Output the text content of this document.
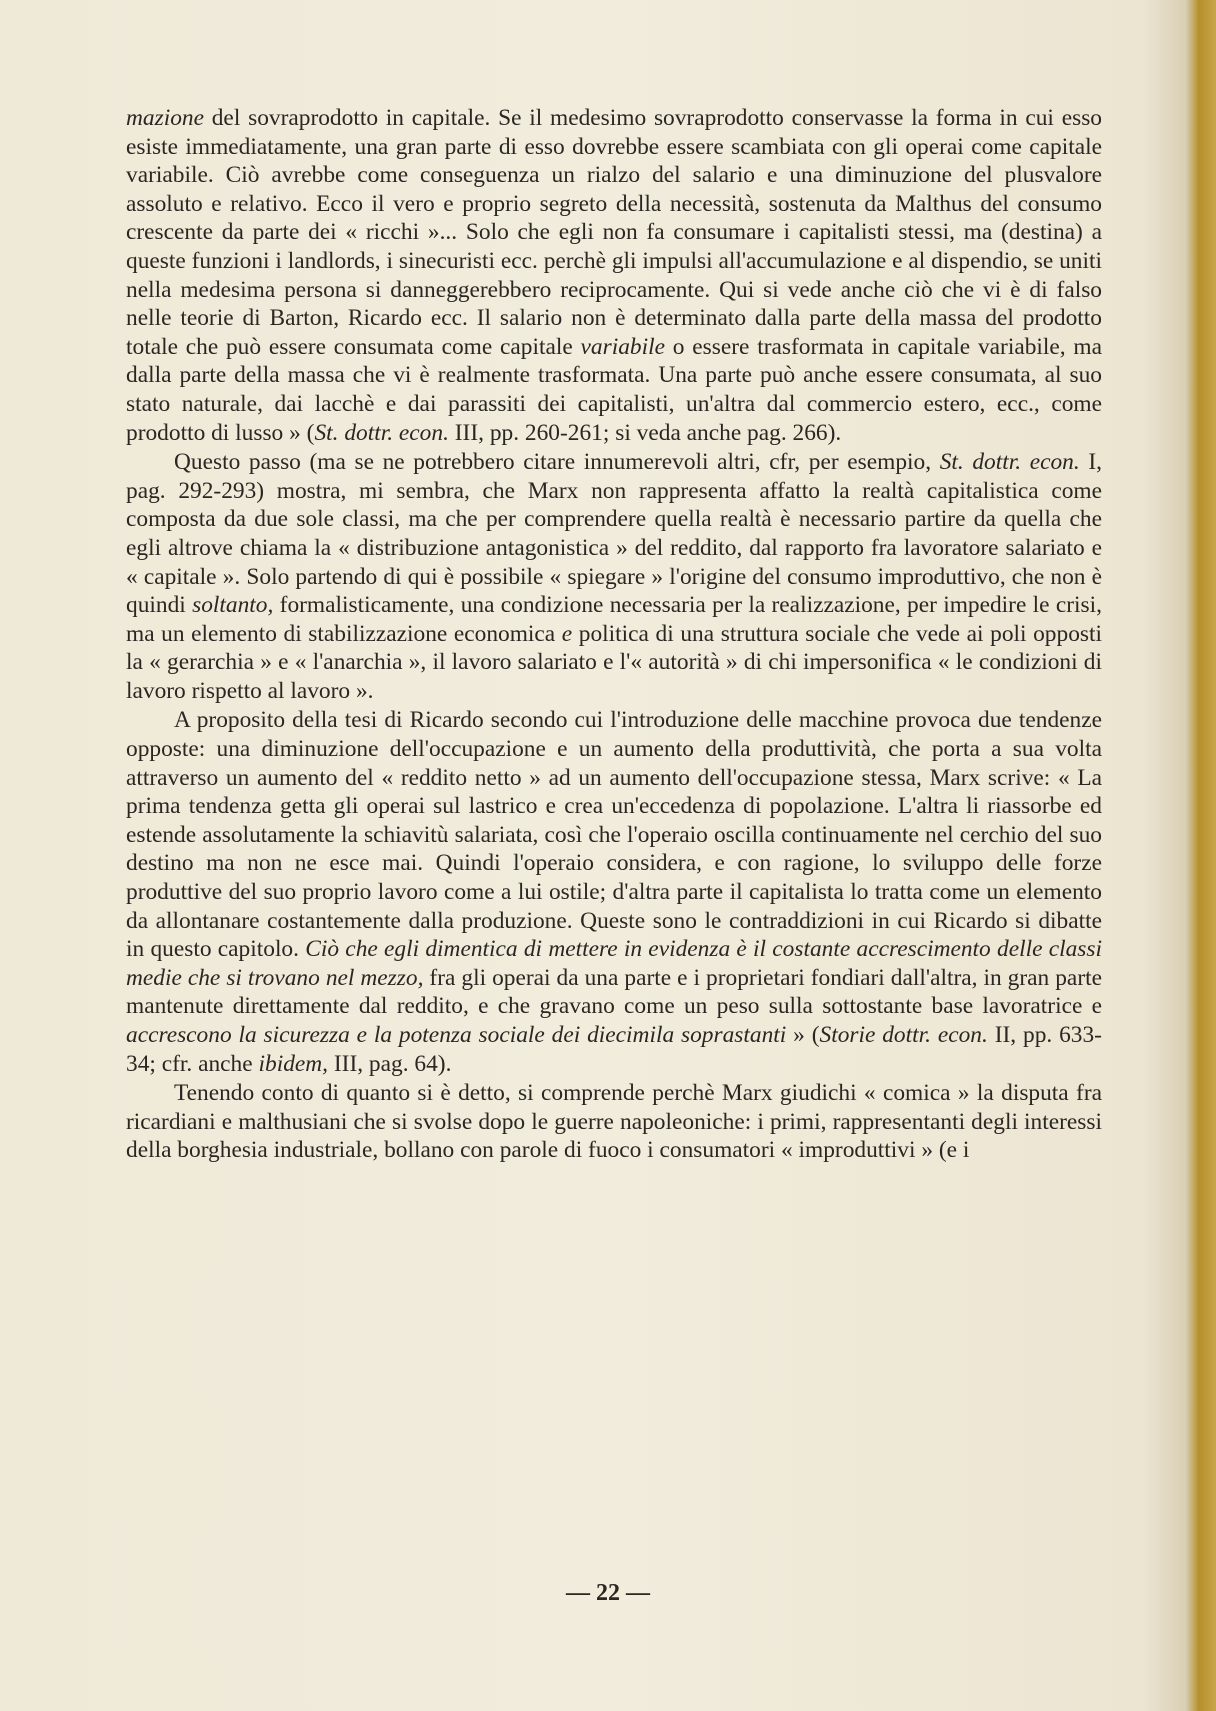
mazione del sovraprodotto in capitale. Se il medesimo sovraprodotto conservasse la forma in cui esso esiste immediatamente, una gran parte di esso dovrebbe essere scambiata con gli operai come capitale variabile. Ciò avrebbe come conseguenza un rialzo del salario e una diminuzione del plusvalore assoluto e relativo. Ecco il vero e proprio segreto della necessità, sostenuta da Malthus del consumo crescente da parte dei « ricchi »... Solo che egli non fa consumare i capitalisti stessi, ma (destina) a queste funzioni i landlords, i sinecuristi ecc. perchè gli impulsi all'accumulazione e al dispendio, se uniti nella medesima persona si danneggerebbero reciprocamente. Qui si vede anche ciò che vi è di falso nelle teorie di Barton, Ricardo ecc. Il salario non è determinato dalla parte della massa del prodotto totale che può essere consumata come capitale variabile o essere trasformata in capitale variabile, ma dalla parte della massa che vi è realmente trasformata. Una parte può anche essere consumata, al suo stato naturale, dai lacchè e dai parassiti dei capitalisti, un'altra dal commercio estero, ecc., come prodotto di lusso » (St. dottr. econ. III, pp. 260-261; si veda anche pag. 266).

Questo passo (ma se ne potrebbero citare innumerevoli altri, cfr, per esempio, St. dottr. econ. I, pag. 292-293) mostra, mi sembra, che Marx non rappresenta affatto la realtà capitalistica come composta da due sole classi, ma che per comprendere quella realtà è necessario partire da quella che egli altrove chiama la « distribuzione antagonistica » del reddito, dal rapporto fra lavoratore salariato e « capitale ». Solo partendo di qui è possibile « spiegare » l'origine del consumo improduttivo, che non è quindi soltanto, formalisticamente, una condizione necessaria per la realizzazione, per impedire le crisi, ma un elemento di stabilizzazione economica e politica di una struttura sociale che vede ai poli opposti la « gerarchia » e « l'anarchia », il lavoro salariato e l'« autorità » di chi impersonifica « le condizioni di lavoro rispetto al lavoro ».

A proposito della tesi di Ricardo secondo cui l'introduzione delle macchine provoca due tendenze opposte: una diminuzione dell'occupazione e un aumento della produttività, che porta a sua volta attraverso un aumento del « reddito netto » ad un aumento dell'occupazione stessa, Marx scrive: « La prima tendenza getta gli operai sul lastrico e crea un'eccedenza di popolazione. L'altra li riassorbe ed estende assolutamente la schiavitù salariata, così che l'operaio oscilla continuamente nel cerchio del suo destino ma non ne esce mai. Quindi l'operaio considera, e con ragione, lo sviluppo delle forze produttive del suo proprio lavoro come a lui ostile; d'altra parte il capitalista lo tratta come un elemento da allontanare costantemente dalla produzione. Queste sono le contraddizioni in cui Ricardo si dibatte in questo capitolo. Ciò che egli dimentica di mettere in evidenza è il costante accrescimento delle classi medie che si trovano nel mezzo, fra gli operai da una parte e i proprietari fondiari dall'altra, in gran parte mantenute direttamente dal reddito, e che gravano come un peso sulla sottostante base lavoratrice e accrescono la sicurezza e la potenza sociale dei diecimila soprastanti » (Storie dottr. econ. II, pp. 633-34; cfr. anche ibidem, III, pag. 64).

Tenendo conto di quanto si è detto, si comprende perchè Marx giudichi « comica » la disputa fra ricardiani e malthusiani che si svolse dopo le guerre napoleoniche: i primi, rappresentanti degli interessi della borghesia industriale, bollano con parole di fuoco i consumatori « improduttivi » (e i

— 22 —
